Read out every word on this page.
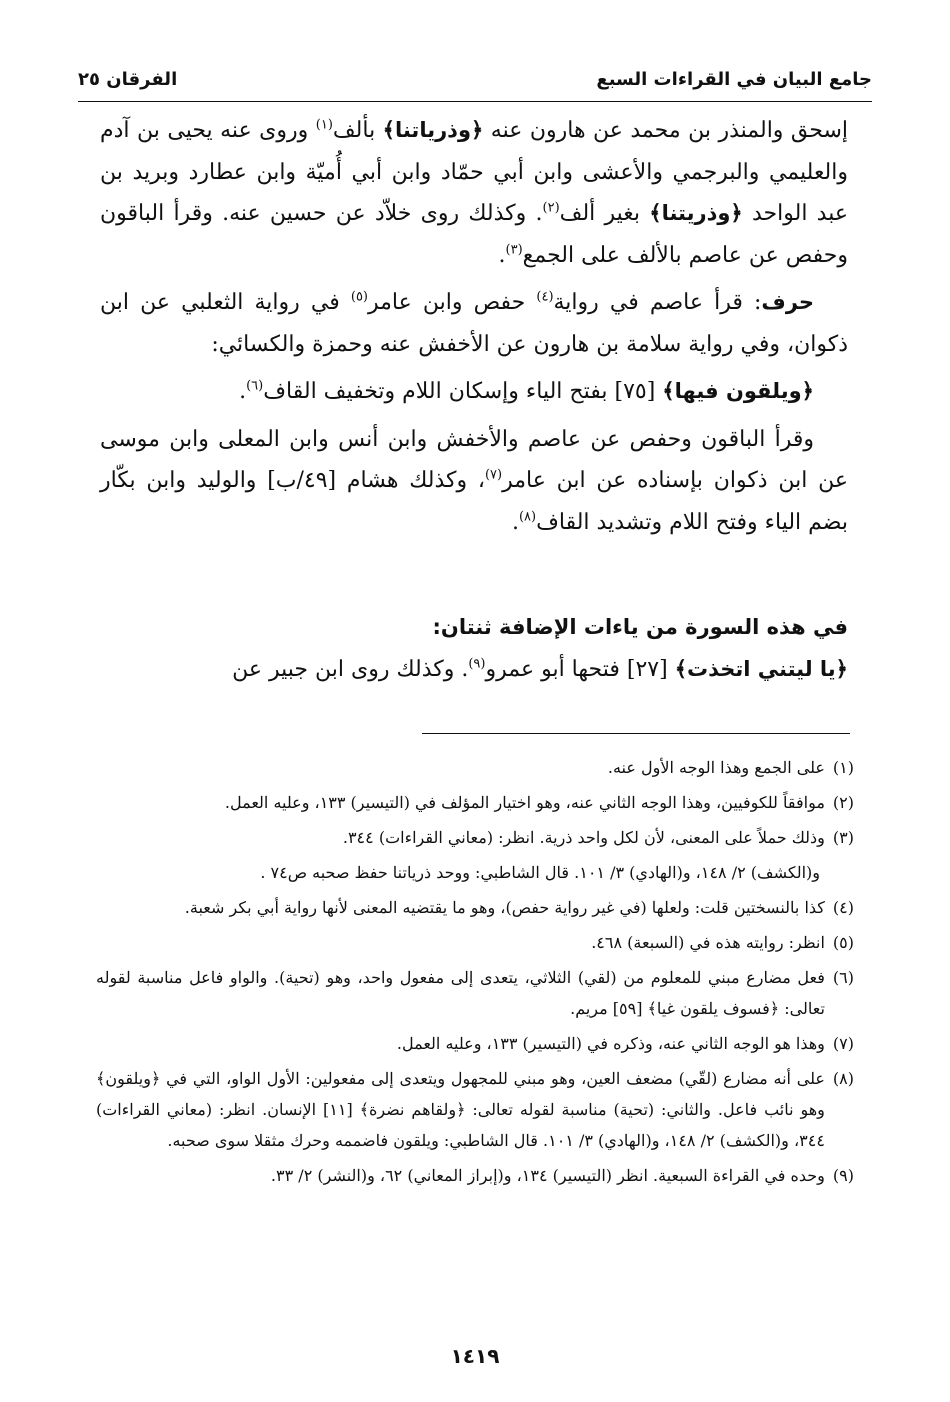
جامع البيان في القراءات السبع
الفرقان ٢٥

إسحق والمنذر بن محمد عن هارون عنه ﴿وذرياتنا﴾ بألف$^{(١)}$ وروى عنه يحيى بن آدم والعليمي والبرجمي والأعشى وابن أبي حمّاد وابن أبي أُميّة وابن عطارد وبريد بن عبد الواحد ﴿وذريتنا﴾ بغير ألف$^{(٢)}$. وكذلك روى خلاّد عن حسين عنه. وقرأ الباقون وحفص عن عاصم بالألف على الجمع$^{(٣)}$.

حرف: قرأ عاصم في رواية$^{(٤)}$ حفص وابن عامر$^{(٥)}$ في رواية الثعلبي عن ابن ذكوان، وفي رواية سلامة بن هارون عن الأخفش عنه وحمزة والكسائي:

﴿ويلقون فيها﴾ [٧٥] بفتح الياء وإسكان اللام وتخفيف القاف$^{(٦)}$.

وقرأ الباقون وحفص عن عاصم والأخفش وابن أنس وابن المعلى وابن موسى عن ابن ذكوان بإسناده عن ابن عامر$^{(٧)}$، وكذلك هشام [٤٩/ب] والوليد وابن بكّار بضم الياء وفتح اللام وتشديد القاف$^{(٨)}$.

في هذه السورة من ياءات الإضافة ثنتان:

﴿يا ليتني اتخذت﴾ [٢٧] فتحها أبو عمرو$^{(٩)}$. وكذلك روى ابن جبير عن

(١)
على الجمع وهذا الوجه الأول عنه.
(٢)
موافقاً للكوفيين، وهذا الوجه الثاني عنه، وهو اختيار المؤلف في (التيسير) ١٣٣، وعليه العمل.
(٣)
وذلك حملاً على المعنى، لأن لكل واحد ذرية. انظر: (معاني القراءات) ٣٤٤.
و(الكشف) ٢/ ١٤٨، و(الهادي) ٣/ ١٠١. قال الشاطبي: ووحد ذرياتنا حفظ صحبه ص٧٤ .
(٤)
كذا بالنسختين قلت: ولعلها (في غير رواية حفص)، وهو ما يقتضيه المعنى لأنها رواية أبي بكر شعبة.
(٥)
انظر: روايته هذه في (السبعة) ٤٦٨.
(٦)
فعل مضارع مبني للمعلوم من (لقي) الثلاثي، يتعدى إلى مفعول واحد، وهو (تحية). والواو فاعل مناسبة لقوله تعالى: ﴿فسوف يلقون غيا﴾ [٥٩] مريم.
(٧)
وهذا هو الوجه الثاني عنه، وذكره في (التيسير) ١٣٣، وعليه العمل.
(٨)
على أنه مضارع (لقّي) مضعف العين، وهو مبني للمجهول ويتعدى إلى مفعولين: الأول الواو، التي في ﴿ويلقون﴾ وهو نائب فاعل. والثاني: (تحية) مناسبة لقوله تعالى: ﴿ولقاهم نضرة﴾ [١١] الإنسان. انظر: (معاني القراءات) ٣٤٤، و(الكشف) ٢/ ١٤٨، و(الهادي) ٣/ ١٠١. قال الشاطبي: ويلقون فاضممه وحرك مثقلا سوى صحبه.
(٩)
وحده في القراءة السبعية. انظر (التيسير) ١٣٤، و(إبراز المعاني) ٦٢، و(النشر) ٢/ ٣٣.
١٤١٩
